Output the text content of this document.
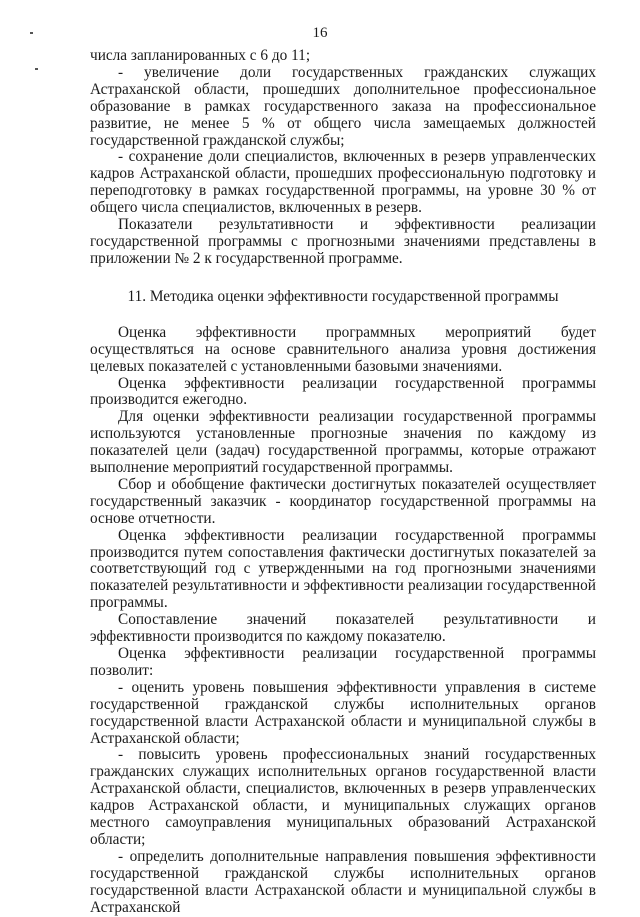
16

числа запланированных с 6 до 11;

- увеличение доли государственных гражданских служащих Астраханской области, прошедших дополнительное профессиональное образование в рамках государственного заказа на профессиональное развитие, не менее 5 % от общего числа замещаемых должностей государственной гражданской службы;

- сохранение доли специалистов, включенных в резерв управленческих кадров Астраханской области, прошедших профессиональную подготовку и переподготовку в рамках государственной программы, на уровне 30 % от общего числа специалистов, включенных в резерв.

Показатели результативности и эффективности реализации государственной программы с прогнозными значениями представлены в приложении № 2 к государственной программе.

11. Методика оценки эффективности государственной программы

Оценка эффективности программных мероприятий будет осуществляться на основе сравнительного анализа уровня достижения целевых показателей с установленными базовыми значениями.

Оценка эффективности реализации государственной программы производится ежегодно.

Для оценки эффективности реализации государственной программы используются установленные прогнозные значения по каждому из показателей цели (задач) государственной программы, которые отражают выполнение мероприятий государственной программы.

Сбор и обобщение фактически достигнутых показателей осуществляет государственный заказчик - координатор государственной программы на основе отчетности.

Оценка эффективности реализации государственной программы производится путем сопоставления фактически достигнутых показателей за соответствующий год с утвержденными на год прогнозными значениями показателей результативности и эффективности реализации государственной программы.

Сопоставление значений показателей результативности и эффективности производится по каждому показателю.

Оценка эффективности реализации государственной программы позволит:

- оценить уровень повышения эффективности управления в системе государственной гражданской службы исполнительных органов государственной власти Астраханской области и муниципальной службы в Астраханской области;

- повысить уровень профессиональных знаний государственных гражданских служащих исполнительных органов государственной власти Астраханской области, специалистов, включенных в резерв управленческих кадров Астраханской области, и муниципальных служащих органов местного самоуправления муниципальных образований Астраханской области;

- определить дополнительные направления повышения эффективности государственной гражданской службы исполнительных органов государственной власти Астраханской области и муниципальной службы в Астраханской
